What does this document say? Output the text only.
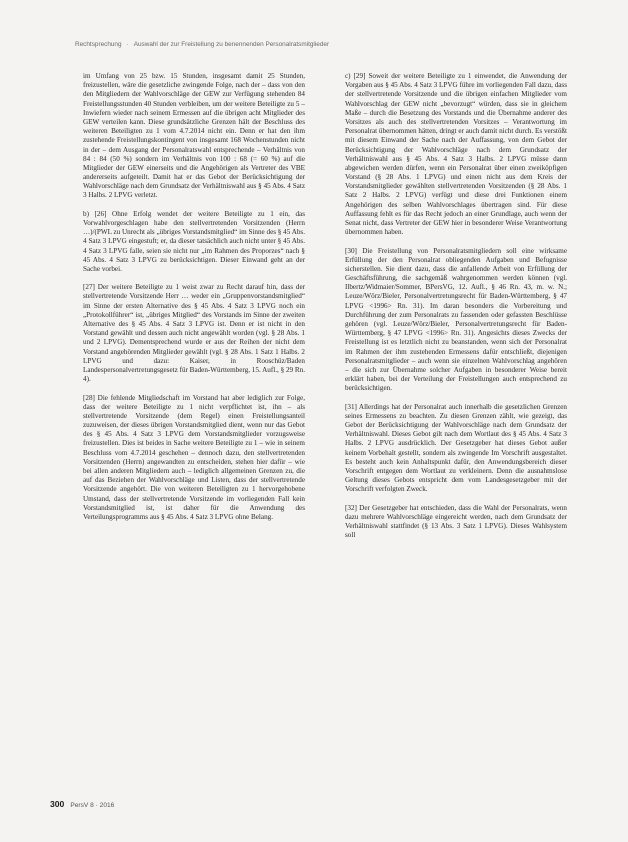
Rechtsprechung · Auswahl der zur Freistellung zu benennenden Personalratsmitglieder

im Umfang von 25 bzw. 15 Stunden, insgesamt damit 25 Stunden, freizustellen, wäre die gesetzliche zwingende Folge, nach der – dass von den den Mitgliedern der Wahlvorschläge der GEW zur Verfügung stehenden 84 Freistellungsstunden 40 Stunden verbleiben, um der weitere Beteiligte zu 5 – Inwiefern wieder nach seinem Ermessen auf die übrigen acht Mitglieder des GEW verteilen kann. Diese grundsätzliche Grenzen hält der Beschluss des weiteren Beteiligten zu 1 vom 4.7.2014 nicht ein. Denn er hat den ihm zustehende Freistellungskontingent von insgesamt 168 Wochenstunden nicht in der – dem Ausgang der Personalratswahl entsprechende – Verhältnis von 84 : 84 (50 %) sondern im Verhältnis von 100 : 68 (= 60 %) auf die Mitglieder der GEW einerseits und die Angehörigen als Vertreter des VBE andererseits aufgeteilt. Damit hat er das Gebot der Berücksichtigung der Wahlvorschläge nach dem Grundsatz der Verhältniswahl aus § 45 Abs. 4 Satz 3 Halbs. 2 LPVG verletzt.

b) [26] Ohne Erfolg wendet der weitere Beteiligte zu 1 ein, das Vorwahlvorgeschlagen habe den stellvertretenden Vorsitzenden (Herrn …)/(PWL zu Unrecht als „übriges Vorstandsmitglied“ im Sinne des § 45 Abs. 4 Satz 3 LPVG eingestuft; er, da dieser tatsächlich auch nicht unter § 45 Abs. 4 Satz 3 LPVG falle, seien sie nicht nur „im Rahmen des Proporzes“ nach § 45 Abs. 4 Satz 3 LPVG zu berücksichtigen. Dieser Einwand geht an der Sache vorbei.

[27] Der weitere Beteiligte zu 1 weist zwar zu Recht darauf hin, dass der stellvertretende Vorsitzende Herr … weder ein „Gruppenvorstandsmitglied“ im Sinne der ersten Alternative des § 45 Abs. 4 Satz 3 LPVG noch ein „Protokollführer“ ist, „übriges Mitglied“ des Vorstands im Sinne der zweiten Alternative des § 45 Abs. 4 Satz 3 LPVG ist. Denn er ist nicht in den Vorstand gewählt und dessen auch nicht angewählt worden (vgl. § 28 Abs. 1 und 2 LPVG). Dementsprechend wurde er aus der Reihen der nicht dem Vorstand angehörenden Mitglieder gewählt (vgl. § 28 Abs. 1 Satz 1 Halbs. 2 LPVG und dazu: Kaiser, in Rooschüz/Baden Landespersonalvertretungsgesetz für Baden-Württemberg, 15. Aufl., § 29 Rn. 4).

[28] Die fehlende Mitgliedschaft im Vorstand hat aber lediglich zur Folge, dass der weitere Beteiligte zu 1 nicht verpflichtet ist, ihn – als stellvertretende Vorsitzende (dem Regel) einen Freistellungsanteil zuzuweisen, der dieses übrigen Vorstandsmitglied dient, wenn nur das Gebot des § 45 Abs. 4 Satz 3 LPVG dem Vorstandsmitglieder vorzugsweise freizustellen. Dies ist beides in Sache weitere Beteiligte zu 1 – wie in seinem Beschluss vom 4.7.2014 geschehen – dennoch dazu, den stellvertretenden Vorsitzenden (Herrn) angewandten zu entscheiden, stehen hier dafür – wie bei allen anderen Mitgliedern auch – lediglich allgemeinen Grenzen zu, die auf das Beziehen der Wahlvorschläge und Listen, dass der stellvertretende Vorsitzende angehört. Die von weiteren Beteiligten zu 1 hervorgehobene Umstand, dass der stellvertretende Vorsitzende im vorliegenden Fall kein Vorstandsmitglied ist, ist daher für die Anwendung des Verteilungsprogramms aus § 45 Abs. 4 Satz 3 LPVG ohne Belang.

c) [29] Soweit der weitere Beteiligte zu 1 einwendet, die Anwendung der Vorgaben aus § 45 Abs. 4 Satz 3 LPVG führe im vorliegenden Fall dazu, dass der stellvertretende Vorsitzende und die übrigen einfachen Mitglieder vom Wahlvorschlag der GEW nicht „bevorzugt“ würden, dass sie in gleichem Maße – durch die Besetzung des Vorstands und die Übernahme anderer des Vorsitzes als auch des stellvertretenden Vorsitzes – Verantwortung im Personalrat übernommen hätten, dringt er auch damit nicht durch. Es verstößt mit diesem Einwand der Sache nach der Auffassung, von dem Gebot der Berücksichtigung der Wahlvorschläge nach dem Grundsatz der Verhältniswahl aus § 45 Abs. 4 Satz 3 Halbs. 2 LPVG müsse dann abgewichen werden dürfen, wenn ein Personalrat über einen zweiköpfigen Vorstand (§ 28 Abs. 1 LPVG) und einen nicht aus dem Kreis der Vorstandsmitglieder gewählten stellvertretenden Vorsitzenden (§ 28 Abs. 1 Satz 2 Halbs. 2 LPVG) verfügt und diese drei Funktionen einem Angehörigen des selben Wahlvorschlages übertragen sind. Für diese Auffassung fehlt es für das Recht jedoch an einer Grundlage, auch wenn der Senat nicht, dass Vertreter der GEW hier in besonderer Weise Verantwortung übernommen haben.

[30] Die Freistellung von Personalratsmitgliedern soll eine wirksame Erfüllung der den Personalrat obliegenden Aufgaben und Befugnisse sicherstellen. Sie dient dazu, dass die anfallende Arbeit von Erfüllung der Geschäftsführung, die sachgemäß wahrgenommen werden können (vgl. Ilbertz/Widmaier/Sommer, BPersVG, 12. Aufl., § 46 Rn. 43, m. w. N.; Leuze/Wörz/Bieler, Personalvertretungsrecht für Baden-Württemberg, § 47 LPVG <1996> Rn. 31). Im daran besonders die Vorbereitung und Durchführung der zum Personalrats zu fassenden oder gefassten Beschlüsse gehören (vgl. Leuze/Wörz/Bieler, Personalvertretungsrecht für Baden-Württemberg, § 47 LPVG <1996> Rn. 31). Angesichts dieses Zwecks der Freistellung ist es letztlich nicht zu beanstanden, wenn sich der Personalrat im Rahmen der ihm zustehenden Ermessens dafür entschließt, diejenigen Personalratsmitglieder – auch wenn sie einzelnen Wahlvorschlag angehören – die sich zur Übernahme solcher Aufgaben in besonderer Weise bereit erklärt haben, bei der Verteilung der Freistellungen auch entsprechend zu berücksichtigen.

[31] Allerdings hat der Personalrat auch innerhalb die gesetzlichen Grenzen seines Ermessens zu beachten. Zu diesen Grenzen zählt, wie gezeigt, das Gebot der Berücksichtigung der Wahlvorschläge nach dem Grundsatz der Verhältniswahl. Dieses Gebot gilt nach dem Wortlaut des § 45 Abs. 4 Satz 3 Halbs. 2 LPVG ausdrücklich. Der Gesetzgeber hat dieses Gebot außer keinem Vorbehalt gestellt, sondern als zwingende Im Vorschrift ausgestaltet. Es besteht auch kein Anhaltspunkt dafür, den Anwendungsbereich dieser Vorschrift entgegen dem Wortlaut zu verkleinern. Denn die ausnahmslose Geltung dieses Gebots entspricht dem vom Landesgesetzgeber mit der Vorschrift verfolgten Zweck.

[32] Der Gesetzgeber hat entschieden, dass die Wahl der Personalrats, wenn dazu mehrere Wahlvorschläge eingereicht werden, nach dem Grundsatz der Verhältniswahl stattfindet (§ 13 Abs. 3 Satz 1 LPVG). Dieses Wahlsystem soll

300 PersV 8 · 2016
